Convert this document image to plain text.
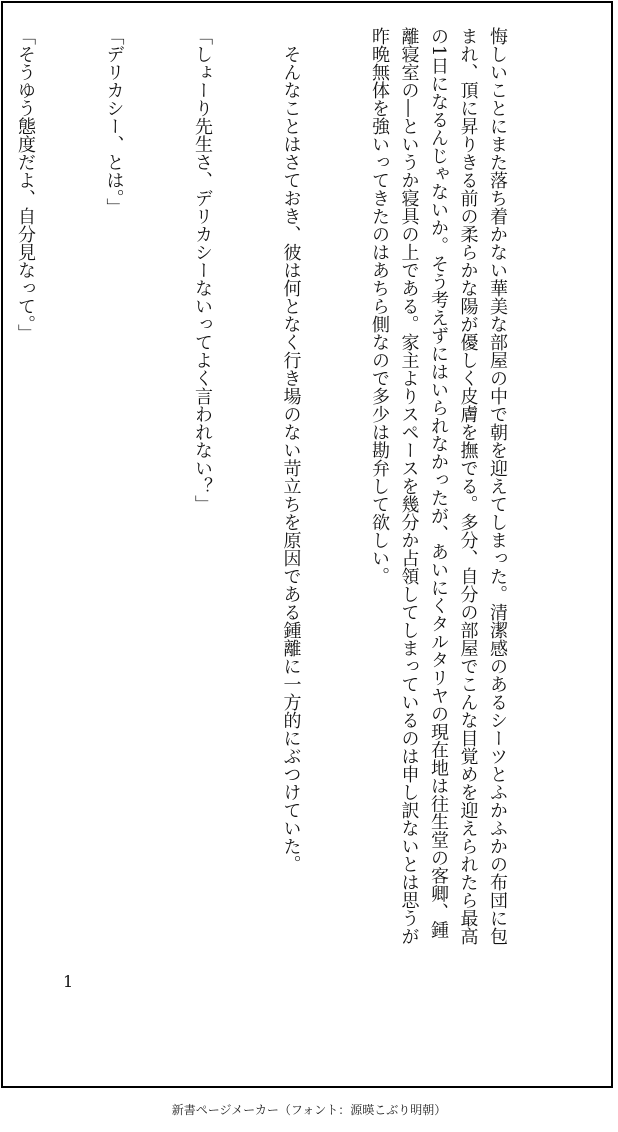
悔しいことにまた落ち着かない華美な部屋の中で朝を迎えてしまった。清潔感のあるシーツとふかふかの布団に包まれ、頂に昇りきる前の柔らかな陽が優しく皮膚を撫でる。多分、自分の部屋でこんな目覚めを迎えられたら最高の1日になるんじゃないか。そう考えずにはいられなかったが、あいにくタルタリヤの現在地は往生堂の客卿、鍾離寝室の―というか寝具の上である。家主よりスペースを幾分か占領してしまっているのは申し訳ないとは思うが昨晩無体を強いってきたのはあちら側なので多少は勘弁して欲しい。

　そんなことはさておき、彼は何となく行き場のない苛立ちを原因である鍾離に一方的にぶつけていた。

「しょーり先生さ、デリカシーないってよく言われない？」

「デリカシー、とは。」

「そうゆう態度だよ、自分見なって。」

1
新書ページメーカー（フォント：源暎こぶり明朝）
